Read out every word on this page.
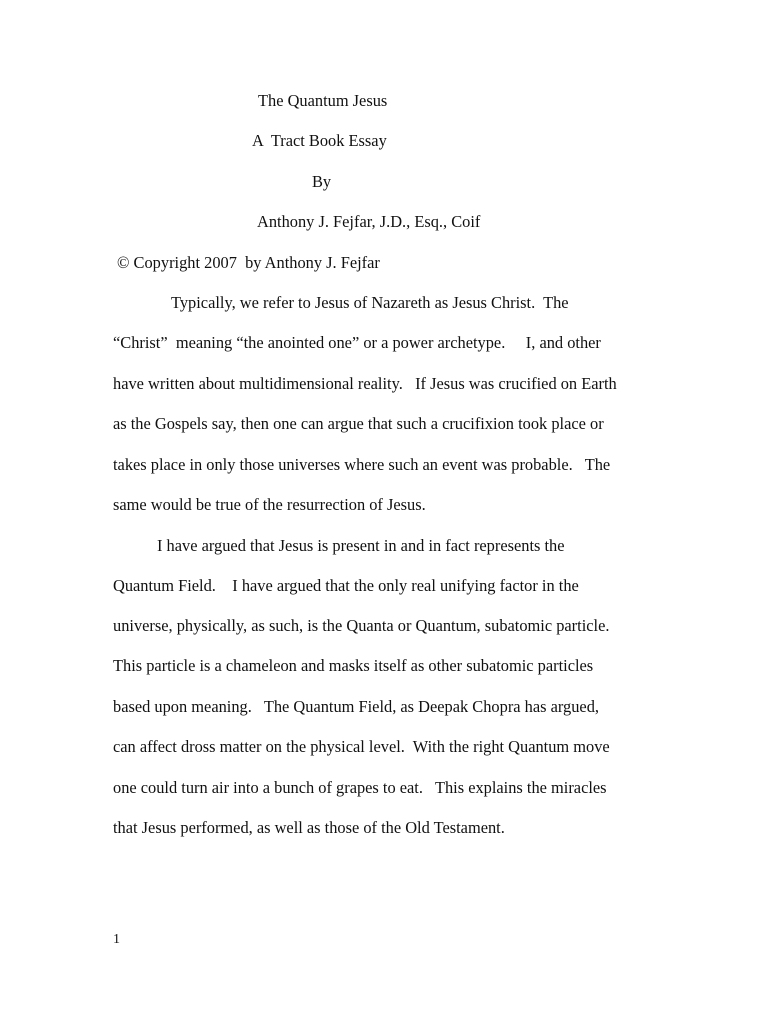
The Quantum Jesus
A  Tract Book Essay
By
Anthony J. Fejfar, J.D., Esq., Coif
© Copyright 2007  by Anthony J. Fejfar
Typically, we refer to Jesus of Nazareth as Jesus Christ.  The
“Christ”  meaning “the anointed one” or a power archetype.     I, and other
have written about multidimensional reality.   If Jesus was crucified on Earth
as the Gospels say, then one can argue that such a crucifixion took place or
takes place in only those universes where such an event was probable.   The
same would be true of the resurrection of Jesus.
I have argued that Jesus is present in and in fact represents the
Quantum Field.    I have argued that the only real unifying factor in the
universe, physically, as such, is the Quanta or Quantum, subatomic particle.
This particle is a chameleon and masks itself as other subatomic particles
based upon meaning.   The Quantum Field, as Deepak Chopra has argued,
can affect dross matter on the physical level.  With the right Quantum move
one could turn air into a bunch of grapes to eat.   This explains the miracles
that Jesus performed, as well as those of the Old Testament.
1
